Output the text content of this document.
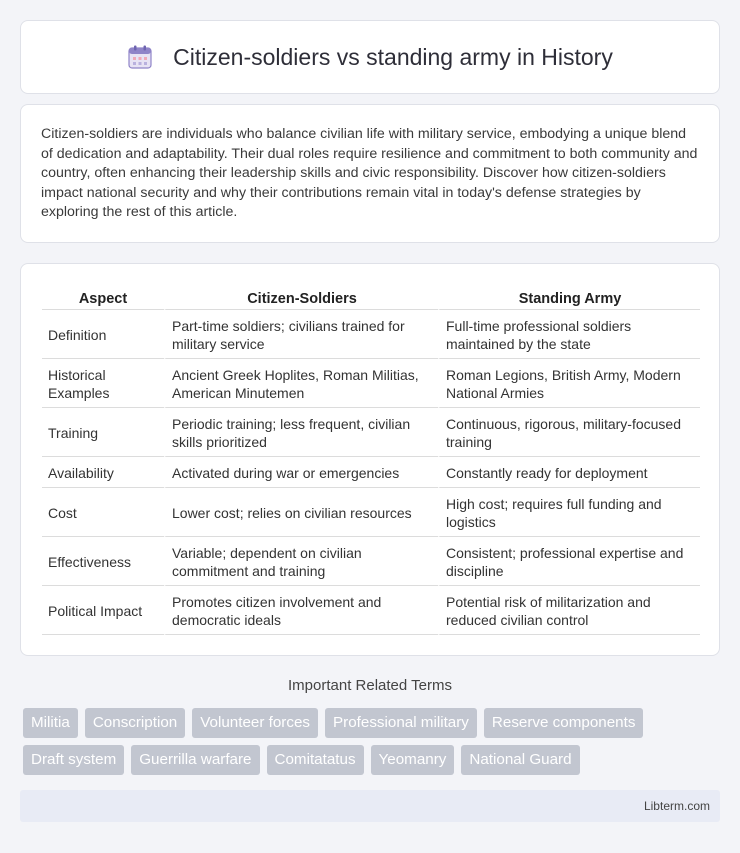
Citizen-soldiers vs standing army in History

Citizen-soldiers are individuals who balance civilian life with military service, embodying a unique blend of dedication and adaptability. Their dual roles require resilience and commitment to both community and country, often enhancing their leadership skills and civic responsibility. Discover how citizen-soldiers impact national security and why their contributions remain vital in today's defense strategies by exploring the rest of this article.

Aspect	Citizen-Soldiers	Standing Army
Definition	Part-time soldiers; civilians trained for military service	Full-time professional soldiers maintained by the state
Historical Examples	Ancient Greek Hoplites, Roman Militias, American Minutemen	Roman Legions, British Army, Modern National Armies
Training	Periodic training; less frequent, civilian skills prioritized	Continuous, rigorous, military-focused training
Availability	Activated during war or emergencies	Constantly ready for deployment
Cost	Lower cost; relies on civilian resources	High cost; requires full funding and logistics
Effectiveness	Variable; dependent on civilian commitment and training	Consistent; professional expertise and discipline
Political Impact	Promotes citizen involvement and democratic ideals	Potential risk of militarization and reduced civilian control
Important Related Terms
Militia	Conscription	Volunteer forces	Professional military	Reserve components
Draft system	Guerrilla warfare	Comitatatus	Yeomanry	National Guard
Libterm.com
